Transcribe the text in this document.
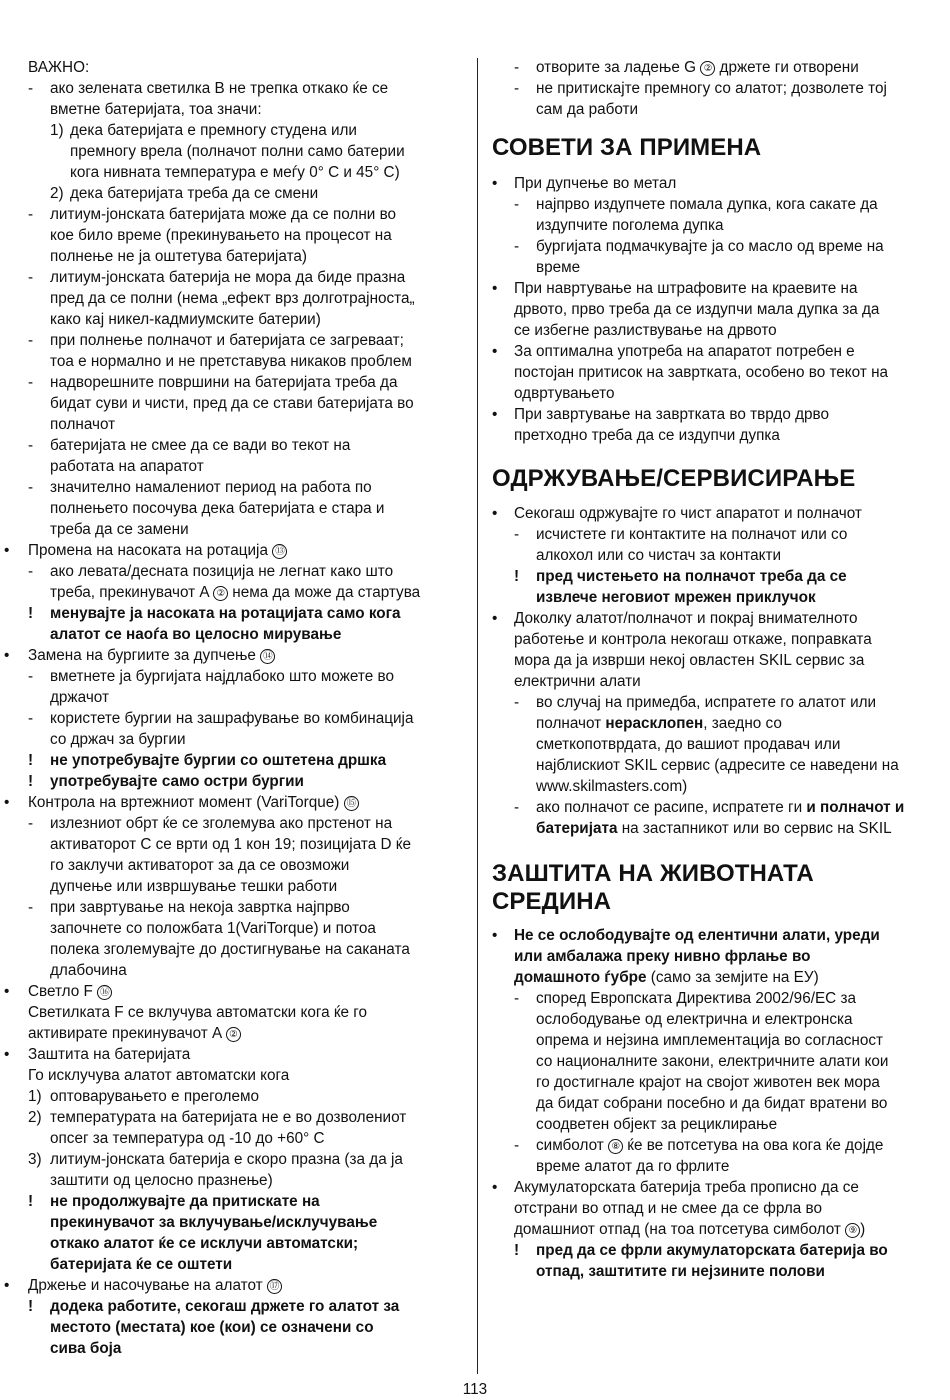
ВАЖНО:
- ако зелената светилка B не трепка откако ќе се
вметне батеријата, тоа значи:
1) дека батеријата е премногу студена или
премногу врела (полначот полни само батерии
кога нивната температура е меѓу 0° C и 45° C)
2) дека батеријата треба да се смени
- литиум-јонската батеријата може да се полни во
кое било време (прекинувањето на процесот на
полнење не ја оштетува батеријата)
- литиум-јонската батерија не мора да биде празна
пред да се полни (нема „ефект врз долготрајноста„
како кај никел-кадмиумските батерии)
- при полнење полначот и батеријата се загреваат;
тоа е нормално и не претставува никаков проблем
- надворешните површини на батеријата треба да
бидат суви и чисти, пред да се стави батеријата во
полначот
- батеријата не смее да се вади во текот на
работата на апаратот
- значително намалениот период на работа по
полнењето посочува дека батеријата е стара и
треба да се замени
• Промена на насоката на ротација ⑬
- ако левата/десната позиција не легнат како што
треба, прекинувачот A ② нема да може да стартува
! менувајте ја насоката на ротацијата само кога
алатот се наоѓа во целосно мирување
• Замена на бургиите за дупчење ⑭
- вметнете ја бургијата најдлабоко што можете во
држачот
- користете бургии на зашрафување во комбинација
со држач за бургии
! не употребувајте бургии со оштетена дршка
! употребувајте само остри бургии
• Контрола на вртежниот момент (VariTorque) ⑮
- излезниот обрт ќе се зголемува ако прстенот на
активаторот C се врти од 1 кон 19; позицијата D ќе
го заклучи активаторот за да се овозможи
дупчење или извршување тешки работи
- при завртување на некоја завртка најпрво
започнете со положбата 1(VariTorque) и потоа
полека зголемувајте до достигнување на саканата
длабочина
• Светло F ⑯
Светилката F се вклучува автоматски кога ќе го
активирате прекинувачот A ②
• Заштита на батеријата
Го исклучува алатот автоматски кога
1) оптоварувањето е преголемо
2) температурата на батеријата не е во дозволениот
опсег за температура од -10 до +60° C
3) литиум-јонската батерија е скоро празна (за да ја
заштити од целосно празнење)
! не продолжувајте да притискате на
прекинувачот за вклучување/исклучување
откако алатот ќе се исклучи автоматски;
батеријата ќе се оштети
• Држење и насочување на алатот ⑰
! додека работите, секогаш држете го алатот за
местото (местата) кое (кои) се означени со
сива боја
- отворите за ладење G ② држете ги отворени
- не притискајте премногу со алатот; дозволете тој
сам да работи
СОВЕТИ ЗА ПРИМЕНА
• При дупчење во метал
- најпрво издупчете помала дупка, кога сакате да
издупчите поголема дупка
- бургијата подмачкувајте ја со масло од време на
време
• При навртување на штрафовите на краевите на
дрвото, прво треба да се издупчи мала дупка за да
се избегне разлиствување на дрвото
• За оптимална употреба на апаратот потребен е
постојан притисок на завртката, особено во текот на
одвртувањето
• При завртување на завртката во тврдо дрво
претходно треба да се издупчи дупка
ОДРЖУВАЊЕ/СЕРВИСИРАЊЕ
• Секогаш одржувајте го чист апаратот и полначот
- исчистете ги контактите на полначот или со
алкохол или со чистач за контакти
! пред чистењето на полначот треба да се
извлече неговиот мрежен приклучок
• Доколку алатот/полначот и покрај внимателното
работење и контрола некогаш откаже, поправката
мора да ја изврши некој овластен SKIL сервис за
електрични алати
- во случај на примедба, испратете го алатот или
полначот нерасклопен, заедно со
сметкопотврдата, до вашиот продавач или
најблискиот SKIL сервис (адресите се наведени на
www.skilmasters.com)
- ако полначот се расипе, испратете ги и полначот и
батеријата на застапникот или во сервис на SKIL
ЗАШТИТА НА ЖИВОТНАТА
СРЕДИНА
• Не се ослободувајте од елентични алати, уреди
или амбалажа преку нивно фрлање во
домашното ѓубре (само за земјите на ЕУ)
- според Европската Директива 2002/96/ЕС за
ослободување од електрична и електронска
опрема и нејзина имплементација во согласност
со националните закони, електричните алати кои
го достигнале крајот на својот животен век мора
да бидат собрани посебно и да бидат вратени во
соодветен објект за рециклирање
- симболот ⑧ ќе ве потсетува на ова кога ќе дојде
време алатот да го фрлите
• Акумулаторската батерија треба прописно да се
отстрани во отпад и не смее да се фрла во
домашниот отпад (на тоа потсетува симболот ⑨ )
! пред да се фрли акумулаторската батерија во
отпад, заштитите ги нејзините полови
113
